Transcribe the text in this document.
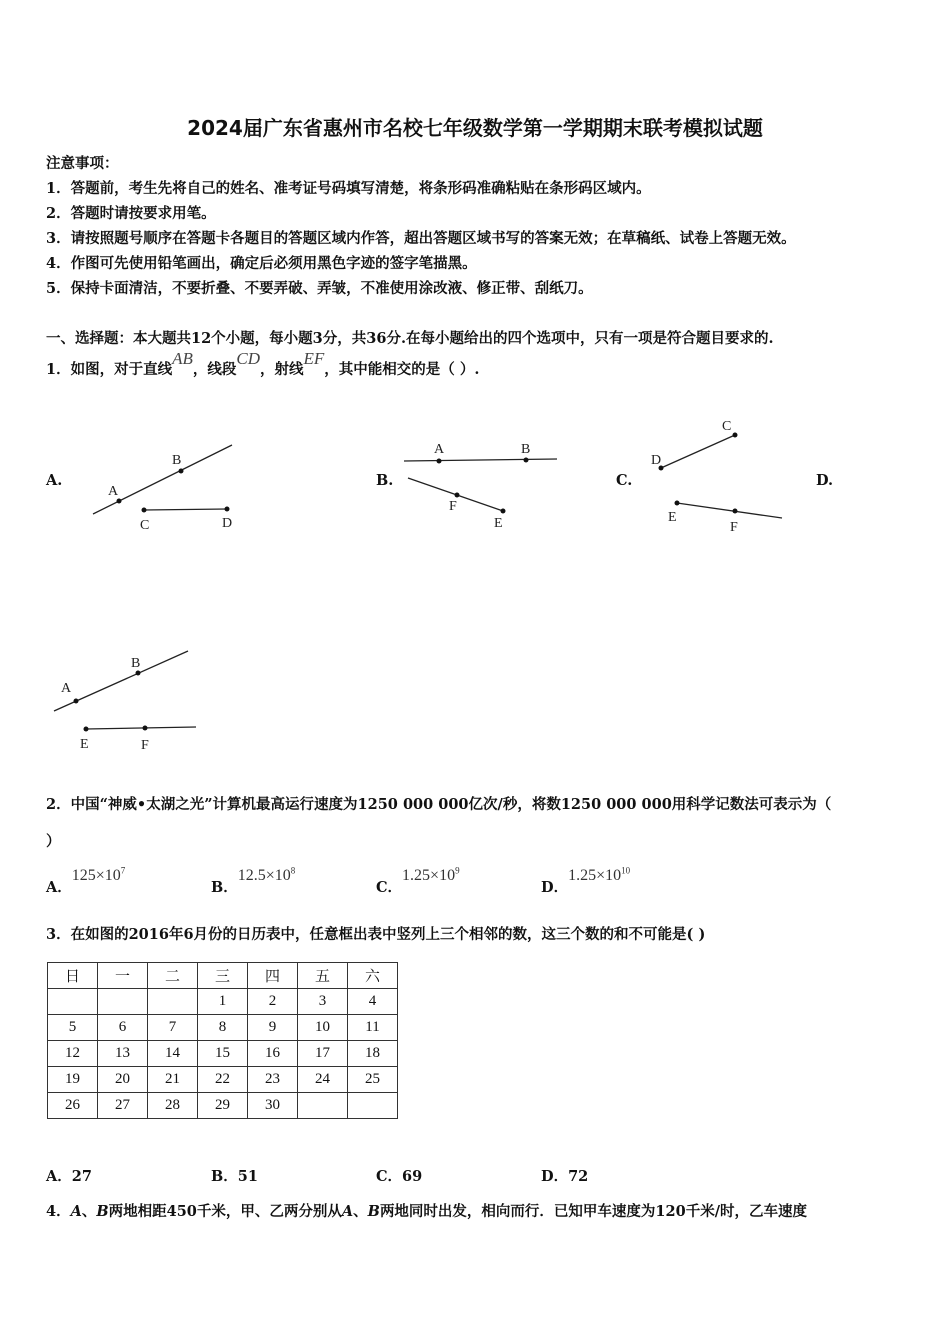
2024届广东省惠州市名校七年级数学第一学期期末联考模拟试题
注意事项：
1．答题前，考生先将自己的姓名、准考证号码填写清楚，将条形码准确粘贴在条形码区域内。
2．答题时请按要求用笔。
3．请按照题号顺序在答题卡各题目的答题区域内作答，超出答题区域书写的答案无效；在草稿纸、试卷上答题无效。
4．作图可先使用铅笔画出，确定后必须用黑色字迹的签字笔描黑。
5．保持卡面清洁，不要折叠、不要弄破、弄皱，不准使用涂改液、修正带、刮纸刀。
一、选择题：本大题共12个小题，每小题3分，共36分.在每小题给出的四个选项中，只有一项是符合题目要求的.
1．如图，对于直线AB，线段CD，射线EF，其中能相交的是（ ）.
A.	B.	C.	D.
A
B
C	D
A	B
F
E
D
C
E
F
A
B
E	F
2．中国“神威•太湖之光”计算机最高运行速度为1250 000 000亿次/秒，将数1250 000 000用科学记数法可表示为（
）
A．$125\times 10^7$
B．$12.5\times 10^8$
C．$1.25\times 10^9$
D．$1.25\times 10^{10}$
3．在如图的2016年6月份的日历表中，任意框出表中竖列上三个相邻的数，这三个数的和不可能是( )
日	一	二	三	四	五	六
			1	2	3	4
5	6	7	8	9	10	11
12	13	14	15	16	17	18
19	20	21	22	23	24	25
26	27	28	29	30		
A．27	B．51	C．69	D．72
4．A、B两地相距450千米，甲、乙两分别从A、B两地同时出发，相向而行．已知甲车速度为120千米/时，乙车速度
